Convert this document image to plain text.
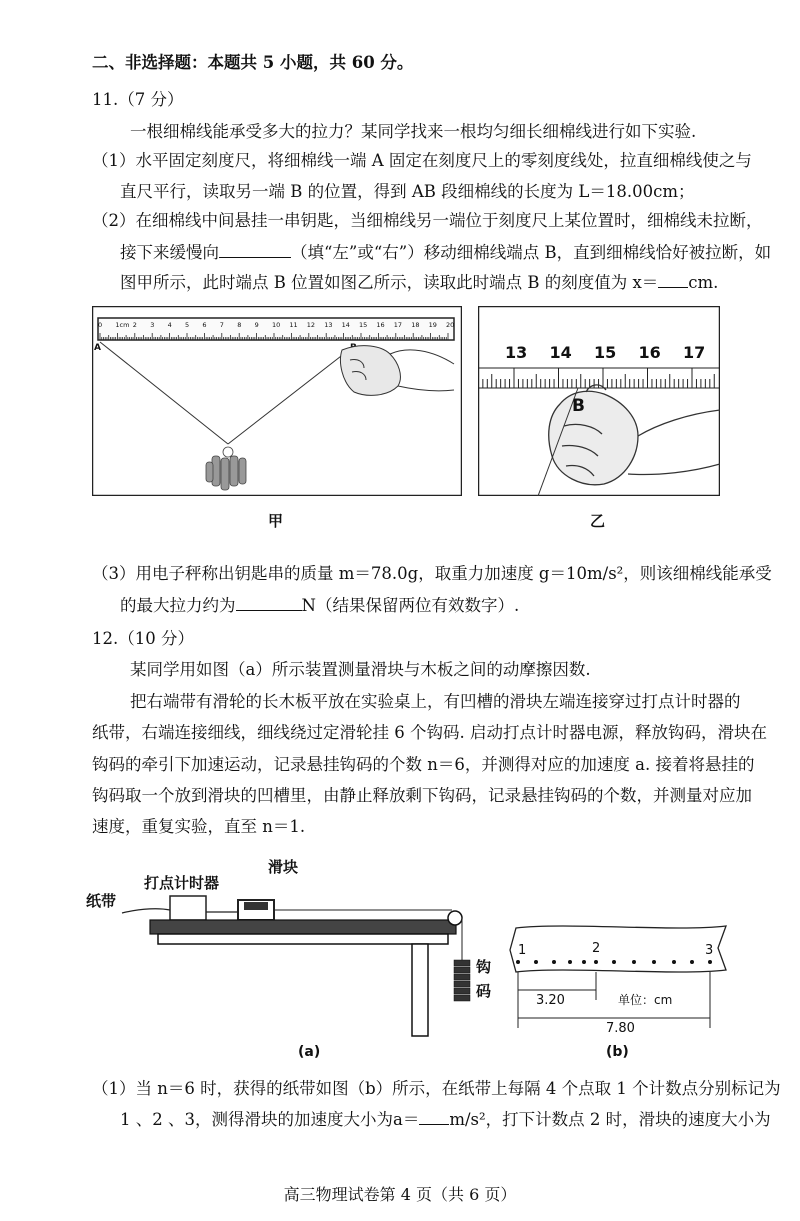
二、非选择题：本题共 5 小题，共 60 分。
11.（7 分）
一根细棉线能承受多大的拉力？某同学找来一根均匀细长细棉线进行如下实验.
（1）水平固定刻度尺，将细棉线一端 A 固定在刻度尺上的零刻度线处，拉直细棉线使之与
直尺平行，读取另一端 B 的位置，得到 AB 段细棉线的长度为 L＝18.00cm；
（2）在细棉线中间悬挂一串钥匙，当细棉线另一端位于刻度尺上某位置时，细棉线未拉断，
接下来缓慢向	（填“左”或“右”）移动细棉线端点 B，直到细棉线恰好被拉断，如
图甲所示，此时端点 B 位置如图乙所示，读取此时端点 B 的刻度值为 x＝ cm.
0 1cm 2 3 4 5 6 7 8 9 10 11 12 13 14 15 16 17 18 19 20
A
甲
13 14 15 16 17
B
乙
（3）用电子秤称出钥匙串的质量 m＝78.0g，取重力加速度 g＝10m/s²，则该细棉线能承受
的最大拉力约为	N（结果保留两位有效数字）.
12.（10 分）
某同学用如图（a）所示装置测量滑块与木板之间的动摩擦因数.
把右端带有滑轮的长木板平放在实验桌上，有凹槽的滑块左端连接穿过打点计时器的
纸带，右端连接细线，细线绕过定滑轮挂 6 个钩码. 启动打点计时器电源，释放钩码，滑块在
钩码的牵引下加速运动，记录悬挂钩码的个数 n＝6，并测得对应的加速度 a. 接着将悬挂的
钩码取一个放到滑块的凹槽里，由静止释放剩下钩码，记录悬挂钩码的个数，并测量对应加
速度，重复实验，直至 n＝1.
纸带
打点计时器
滑块
钩
码
(a)
1	2	3
3.20	单位：cm
7.80
(b)
（1）当 n＝6 时，获得的纸带如图（b）所示，在纸带上每隔 4 个点取 1 个计数点分别标记为
1 、2 、3，测得滑块的加速度大小为a＝ m/s²，打下计数点 2 时，滑块的速度大小为
高三物理试卷第 4 页（共 6 页）
